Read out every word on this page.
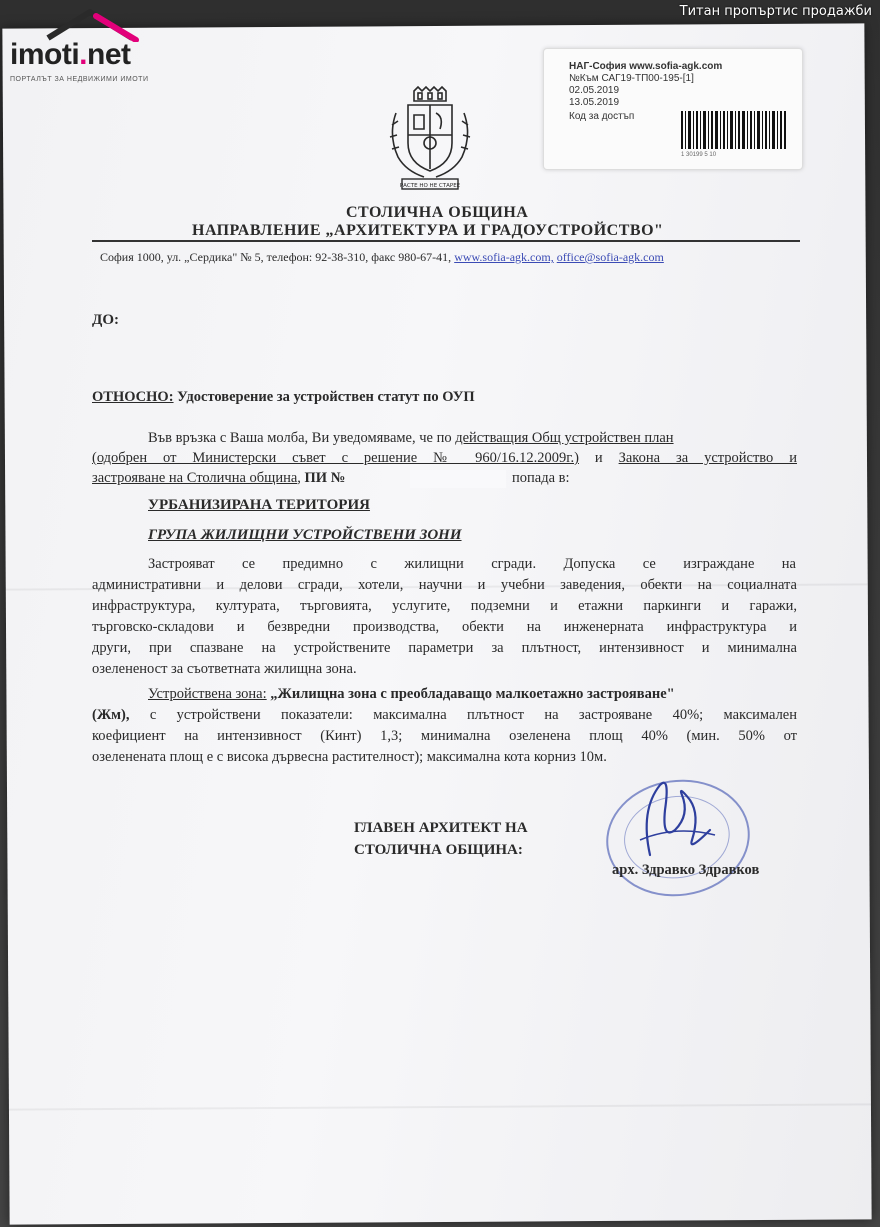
imoti.net
ПОРТАЛЪТ ЗА НЕДВИЖИМИ ИМОТИ
Титан пропъртис продажби
НАГ-София www.sofia-agk.com
№Към САГ19-ТП00-195-[1]
02.05.2019
13.05.2019
Код за достъп
1 30199 5 10
РАСТЕ НО НЕ СТАРЕЕ
СТОЛИЧНА ОБЩИНА
НАПРАВЛЕНИЕ „АРХИТЕКТУРА И ГРАДОУСТРОЙСТВО"
София 1000, ул. „Сердика" № 5, телефон: 92-38-310, факс 980-67-41, www.sofia-agk.com, office@sofia-agk.com
ДО:
ОТНОСНО: Удостоверение за устройствен статут по ОУП
Във връзка с Ваша молба, Ви уведомяваме, че по действащия Общ устройствен план
(одобрен от Министерски съвет с решение № 960/16.12.2009г.) и Закона за устройство и
застрояване на Столична община, ПИ №	попада в:
УРБАНИЗИРАНА ТЕРИТОРИЯ
ГРУПА ЖИЛИЩНИ УСТРОЙСТВЕНИ ЗОНИ
Застрояват се предимно с жилищни сгради. Допуска се изграждане на
административни и делови сгради, хотели, научни и учебни заведения, обекти на социалната
инфраструктура, културата, търговията, услугите, подземни и етажни паркинги и гаражи,
търговско-складови и безвредни производства, обекти на инженерната инфраструктура и
други, при спазване на устройствените параметри за плътност, интензивност и минимална
озелененост за съответната жилищна зона.
Устройствена зона: „Жилищна зона с преобладаващо малкоетажно застрояване"
(Жм), с устройствени показатели: максимална плътност на застрояване 40%; максимален
коефициент на интензивност (Кинт) 1,3; минимална озеленена площ 40% (мин. 50% от
озеленената площ е с висока дървесна растителност); максимална кота корниз 10м.
ГЛАВЕН АРХИТЕКТ НА
СТОЛИЧНА ОБЩИНА:
арх. Здравко Здравков
